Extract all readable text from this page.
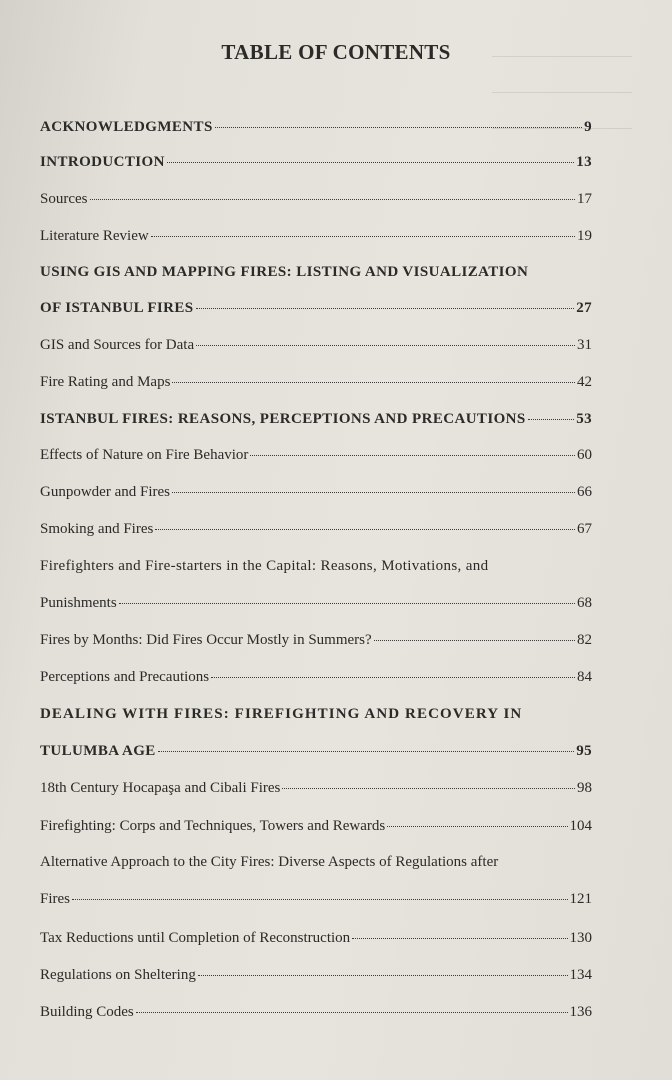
TABLE OF CONTENTS
ACKNOWLEDGMENTS	9
INTRODUCTION	13
Sources	17
Literature Review	19
USING GIS AND MAPPING FIRES: LISTING AND VISUALIZATION
OF ISTANBUL FIRES	27
GIS and Sources for Data	31
Fire Rating and Maps	42
ISTANBUL FIRES: REASONS, PERCEPTIONS AND PRECAUTIONS	53
Effects of Nature on Fire Behavior	60
Gunpowder and Fires	66
Smoking and Fires	67
Firefighters and Fire-starters in the Capital: Reasons, Motivations, and
Punishments	68
Fires by Months: Did Fires Occur Mostly in Summers?	82
Perceptions and Precautions	84
DEALING WITH FIRES: FIREFIGHTING AND RECOVERY IN
TULUMBA AGE	95
18th Century Hocapaşa and Cibali Fires	98
Firefighting: Corps and Techniques, Towers and Rewards	104
Alternative Approach to the City Fires: Diverse Aspects of Regulations after
Fires	121
Tax Reductions until Completion of Reconstruction	130
Regulations on Sheltering	134
Building Codes	136
